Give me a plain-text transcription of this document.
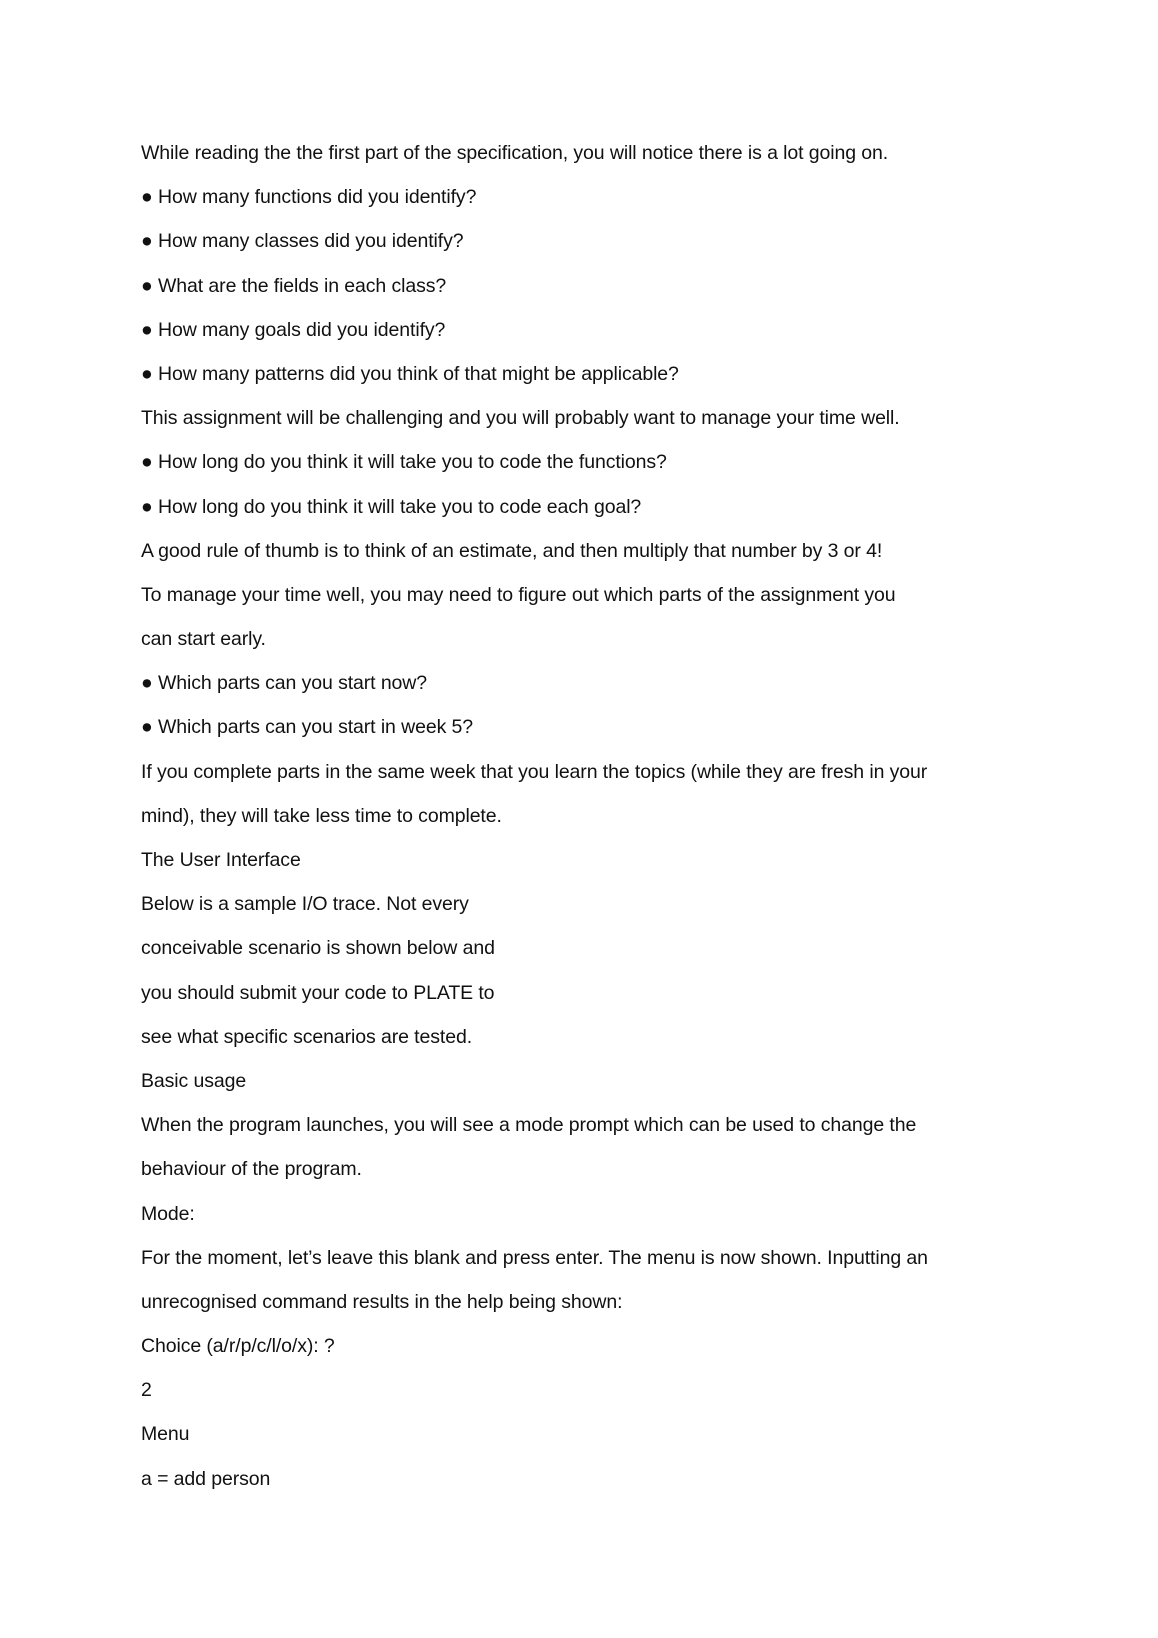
While reading the the first part of the specification, you will notice there is a lot going on.
● How many functions did you identify?
● How many classes did you identify?
● What are the fields in each class?
● How many goals did you identify?
● How many patterns did you think of that might be applicable?
This assignment will be challenging and you will probably want to manage your time well.
● How long do you think it will take you to code the functions?
● How long do you think it will take you to code each goal?
A good rule of thumb is to think of an estimate, and then multiply that number by 3 or 4!
To manage your time well, you may need to figure out which parts of the assignment you
can start early.
● Which parts can you start now?
● Which parts can you start in week 5?
If you complete parts in the same week that you learn the topics (while they are fresh in your
mind), they will take less time to complete.
The User Interface
Below is a sample I/O trace. Not every
conceivable scenario is shown below and
you should submit your code to PLATE to
see what specific scenarios are tested.
Basic usage
When the program launches, you will see a mode prompt which can be used to change the
behaviour of the program.
Mode:
For the moment, let’s leave this blank and press enter. The menu is now shown. Inputting an
unrecognised command results in the help being shown:
Choice (a/r/p/c/l/o/x): ?
2
Menu
a = add person
